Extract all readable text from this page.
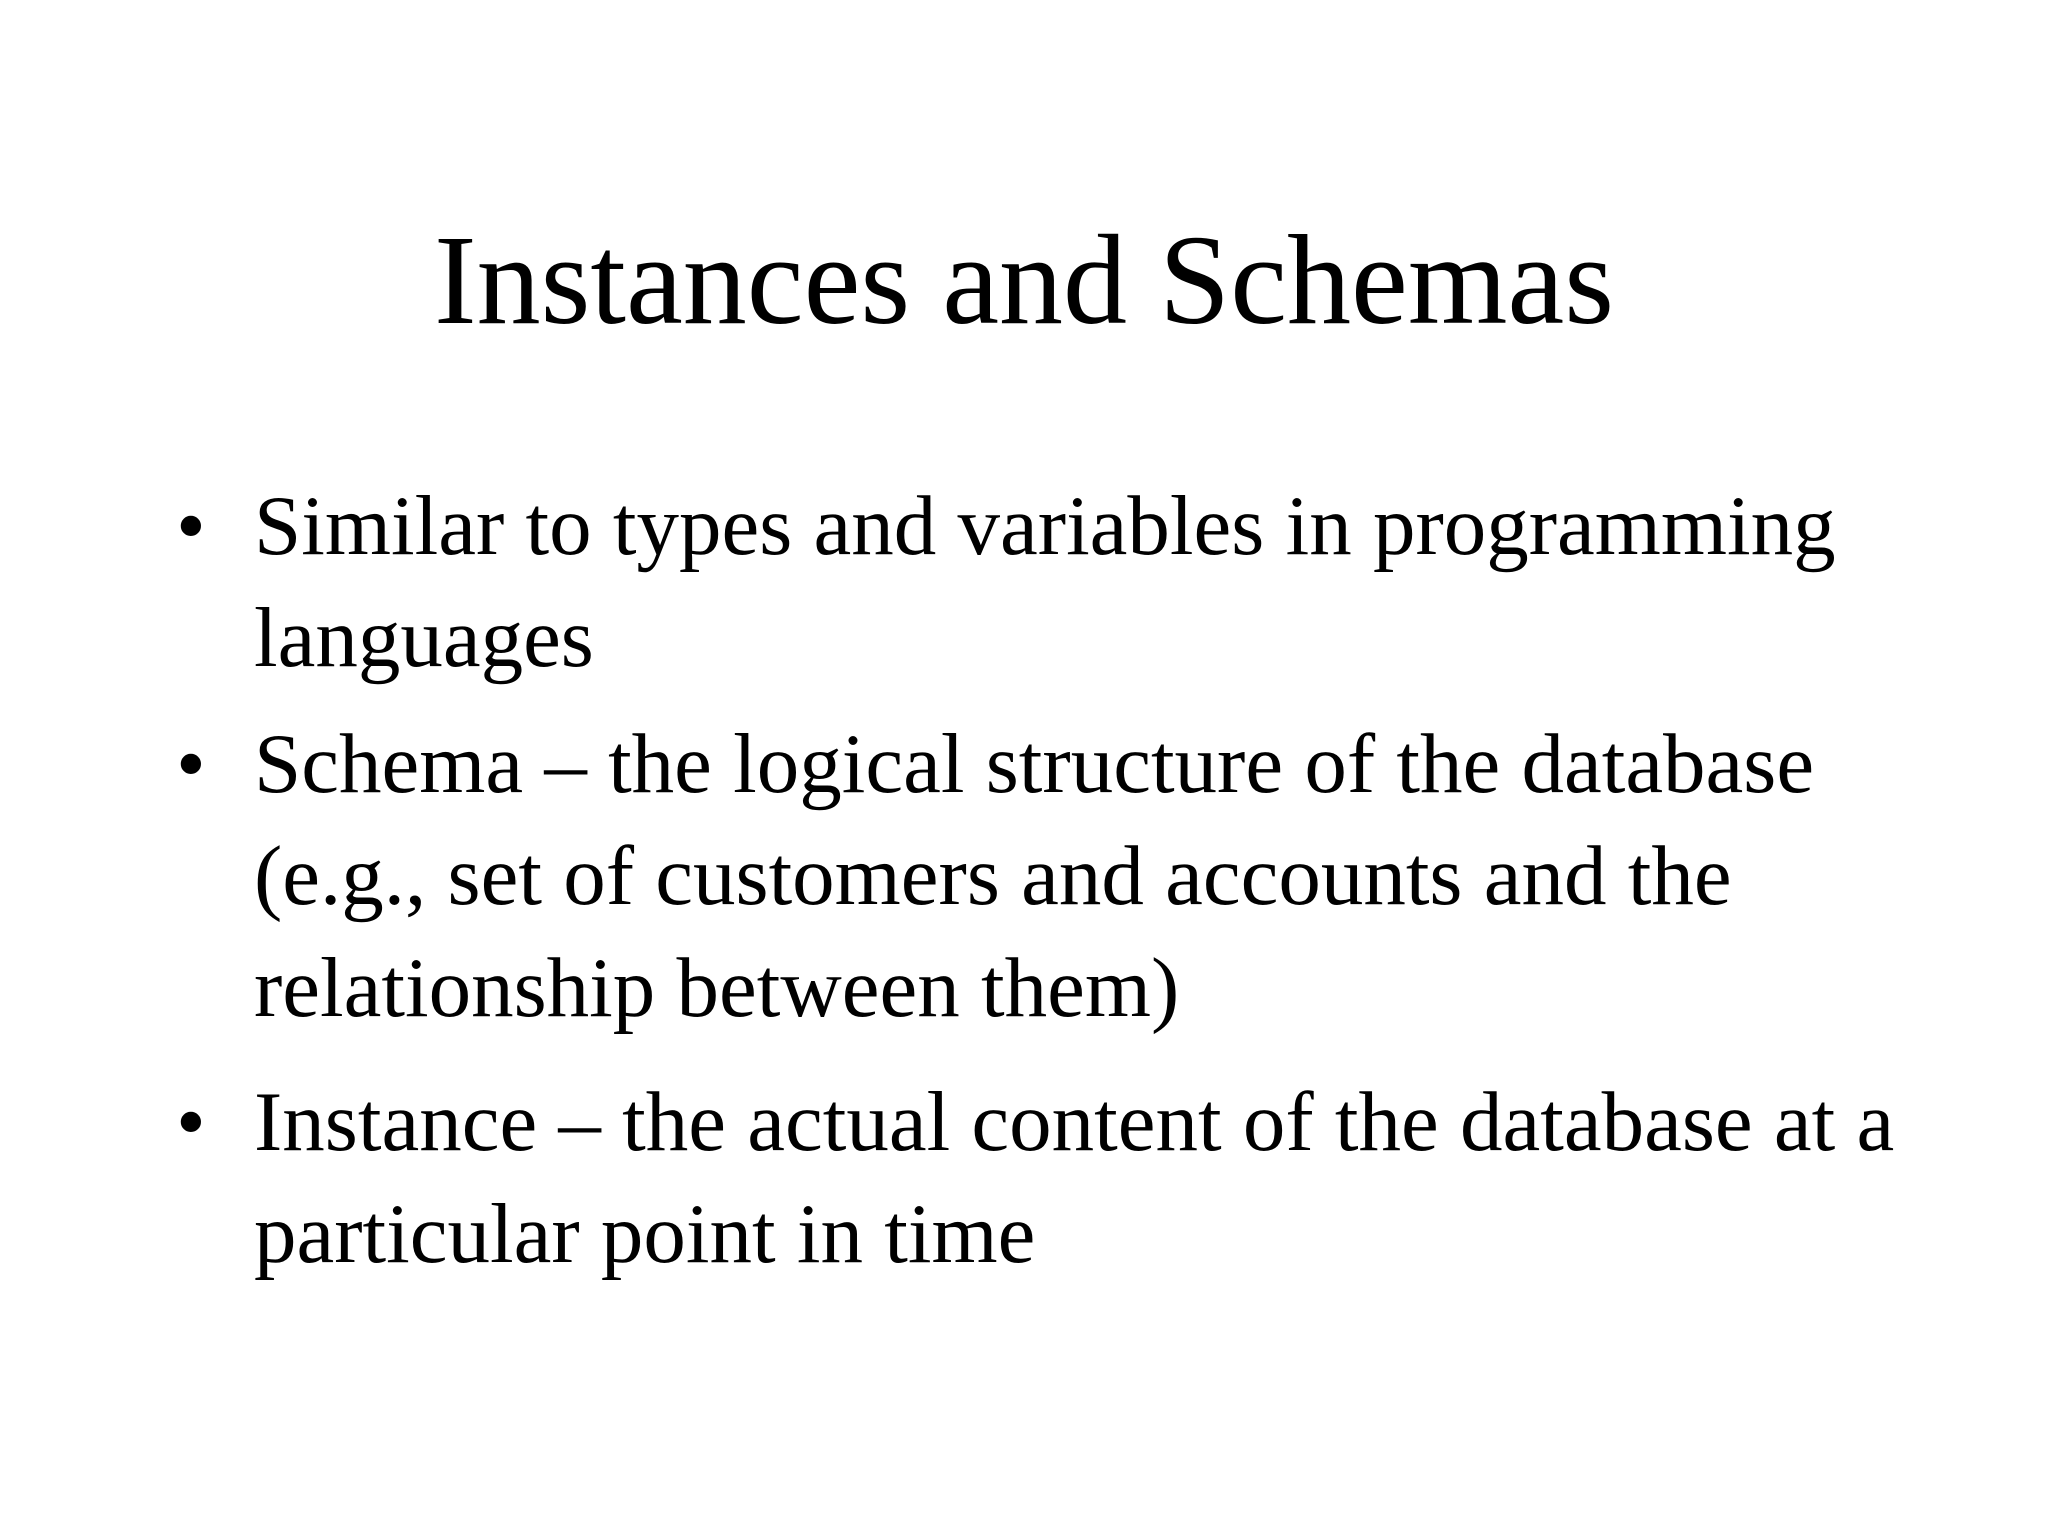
Instances and Schemas
• Similar to types and variables in programming languages
• Schema – the logical structure of the database (e.g., set of customers and accounts and the relationship between them)
• Instance – the actual content of the database at a particular point in time
